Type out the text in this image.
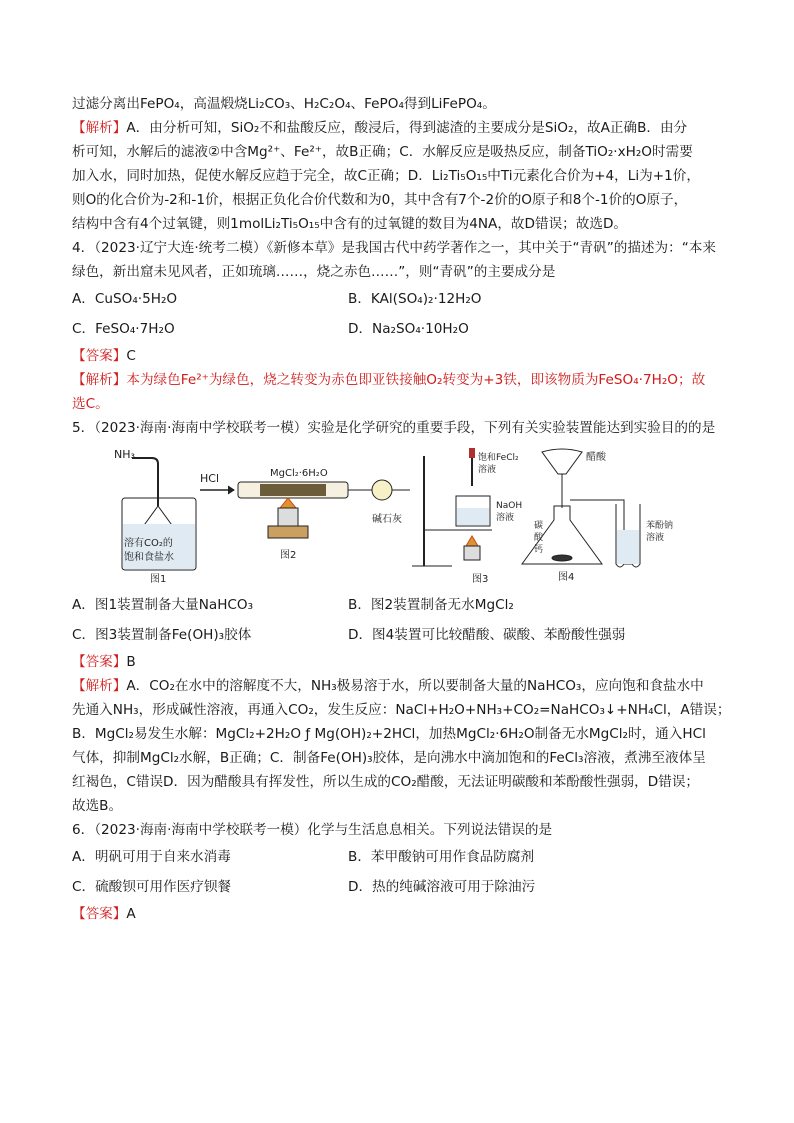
过滤分离出FePO₄，高温煅烧Li₂CO₃、H₂C₂O₄、FePO₄得到LiFePO₄。
【解析】A．由分析可知，SiO₂不和盐酸反应，酸浸后，得到滤渣的主要成分是SiO₂，故A正确B．由分
析可知，水解后的滤液②中含Mg²⁺、Fe²⁺，故B正确；C．水解反应是吸热反应，制备TiO₂·xH₂O时需要
加入水，同时加热，促使水解反应趋于完全，故C正确；D．Li₂Ti₅O₁₅中Ti元素化合价为+4，Li为+1价，
则O的化合价为-2和-1价，根据正负化合价代数和为0，其中含有7个-2价的O原子和8个-1价的O原子，
结构中含有4个过氧键，则1molLi₂Ti₅O₁₅中含有的过氧键的数目为4NA，故D错误；故选D。
4．（2023·辽宁大连·统考二模）《新修本草》是我国古代中药学著作之一，其中关于“青矾”的描述为：“本来
绿色，新出窟未见风者，正如琉璃……，烧之赤色……”，则“青矾”的主要成分是
A．CuSO₄·5H₂O	B．KAl(SO₄)₂·12H₂O
C．FeSO₄·7H₂O	D．Na₂SO₄·10H₂O
【答案】C
【解析】本为绿色Fe²⁺为绿色，烧之转变为赤色即亚铁接触O₂转变为+3铁，即该物质为FeSO₄·7H₂O；故
选C。
5．（2023·海南·海南中学校联考一模）实验是化学研究的重要手段，下列有关实验装置能达到实验目的的是
NH₃
溶有CO₂的
饱和食盐水
图1
HCl	MgCl₂·6H₂O
碱石灰
图2
饱和FeCl₂
溶液
NaOH
溶液
图3
醋酸
碳
酸
钙
苯酚钠
溶液
图4
A．图1装置制备大量NaHCO₃	B．图2装置制备无水MgCl₂
C．图3装置制备Fe(OH)₃胶体	D．图4装置可比较醋酸、碳酸、苯酚酸性强弱
【答案】B
【解析】A．CO₂在水中的溶解度不大，NH₃极易溶于水，所以要制备大量的NaHCO₃，应向饱和食盐水中
先通入NH₃，形成碱性溶液，再通入CO₂，发生反应：NaCl+H₂O+NH₃+CO₂=NaHCO₃↓+NH₄Cl，A错误；
B．MgCl₂易发生水解：MgCl₂+2H₂O ƒ Mg(OH)₂+2HCl，加热MgCl₂·6H₂O制备无水MgCl₂时，通入HCl
气体，抑制MgCl₂水解，B正确；C．制备Fe(OH)₃胶体，是向沸水中滴加饱和的FeCl₃溶液，煮沸至液体呈
红褐色，C错误D．因为醋酸具有挥发性，所以生成的CO₂醋酸，无法证明碳酸和苯酚酸性强弱，D错误；
故选B。
6．（2023·海南·海南中学校联考一模）化学与生活息息相关。下列说法错误的是
A．明矾可用于自来水消毒	B．苯甲酸钠可用作食品防腐剂
C．硫酸钡可用作医疗钡餐	D．热的纯碱溶液可用于除油污
【答案】A
